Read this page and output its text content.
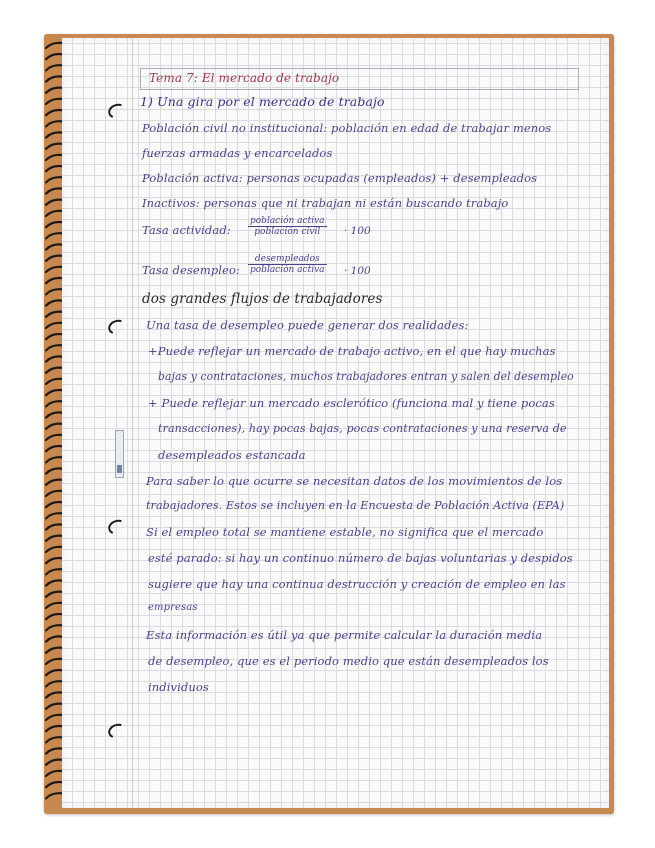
Tema 7: El mercado de trabajo
1) Una gira por el mercado de trabajo
Población civil no institucional: población en edad de trabajar menos
fuerzas armadas y encarcelados
Población activa: personas ocupadas (empleados) + desempleados
Inactivos: personas que ni trabajan ni están buscando trabajo
Tasa actividad:
población activa
población civil	· 100
Tasa desempleo:
desempleados
población activa · 100
dos grandes flujos de trabajadores
Una tasa de desempleo puede generar dos realidades:
+Puede reflejar un mercado de trabajo activo, en el que hay muchas
bajas y contrataciones, muchos trabajadores entran y salen del desempleo
+ Puede reflejar un mercado esclerótico (funciona mal y tiene pocas
transacciones), hay pocas bajas, pocas contrataciones y una reserva de
desempleados estancada
Para saber lo que ocurre se necesitan datos de los movimientos de los
trabajadores. Estos se incluyen en la Encuesta de Población Activa (EPA)
Si el empleo total se mantiene estable, no significa que el mercado
esté parado: si hay un continuo número de bajas voluntarias y despidos
sugiere que hay una continua destrucción y creación de empleo en las
empresas
Esta información es útil ya que permite calcular la duración media
de desempleo, que es el periodo medio que están desempleados los
individuos
